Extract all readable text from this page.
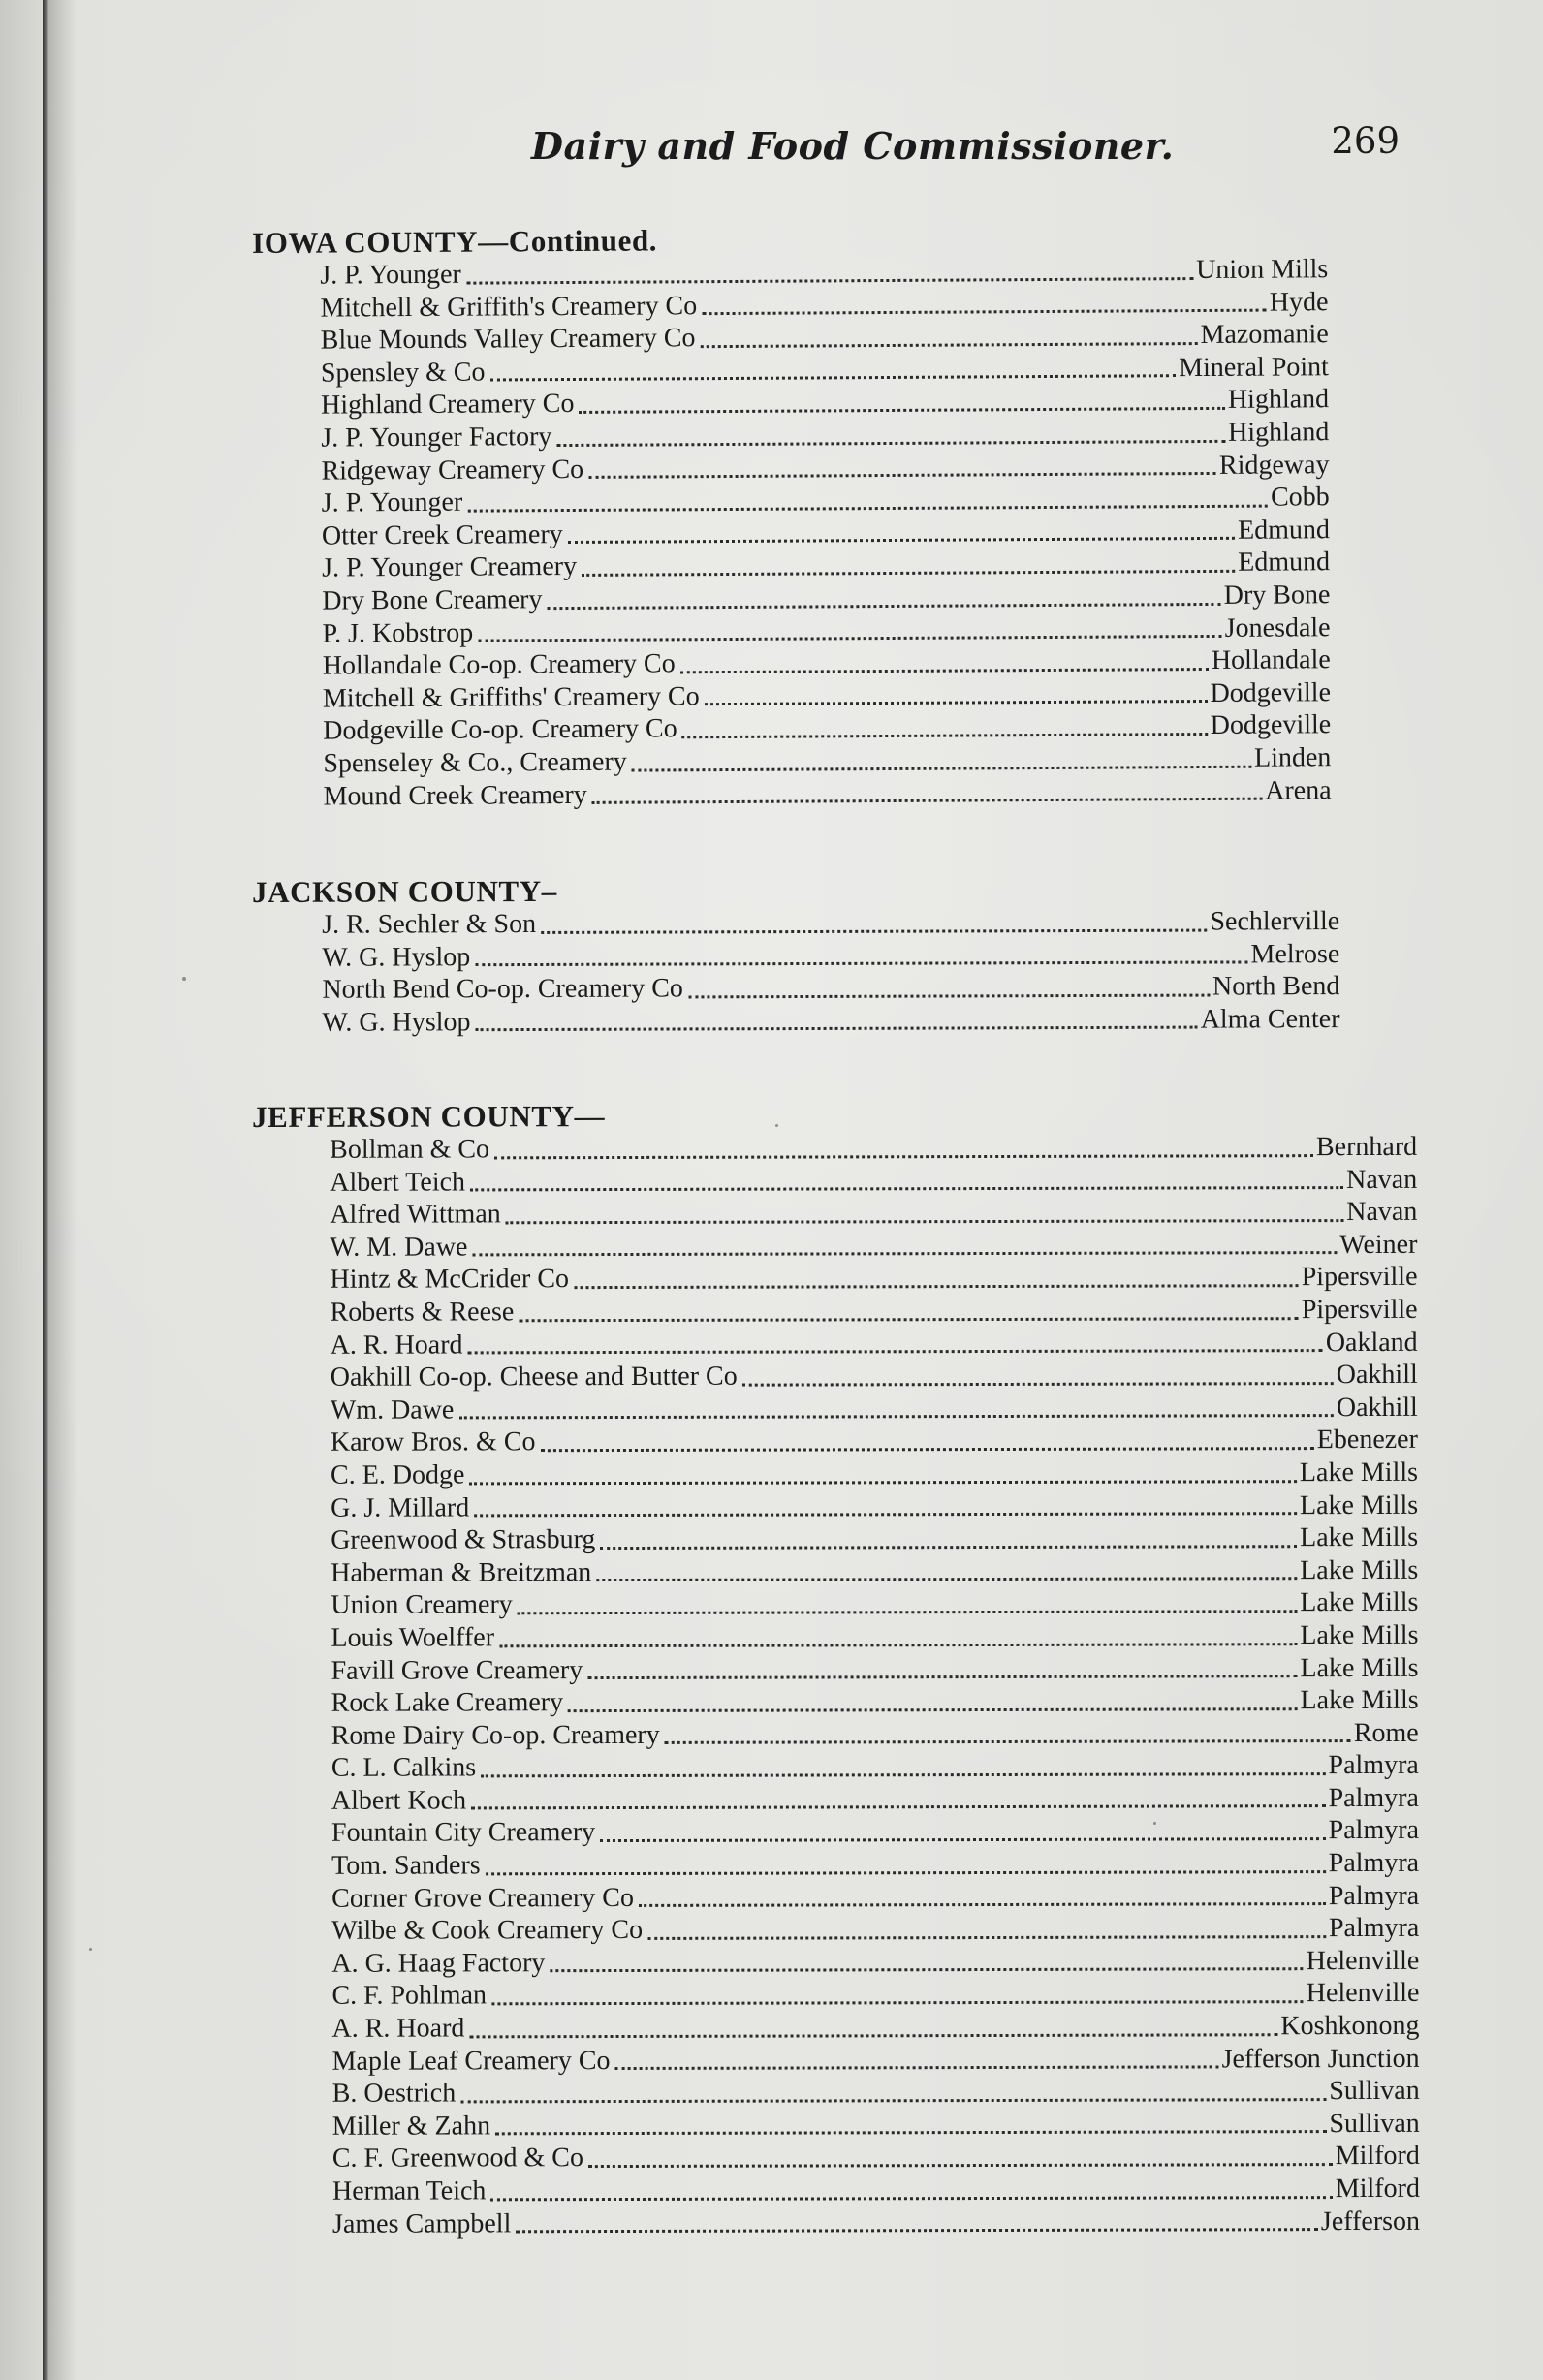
Dairy and Food Commissioner.	269
IOWA COUNTY—Continued.
J. P. Younger	Union Mills
Mitchell & Griffith's Creamery Co	Hyde
Blue Mounds Valley Creamery Co	Mazomanie
Spensley & Co	Mineral Point
Highland Creamery Co	Highland
J. P. Younger Factory	Highland
Ridgeway Creamery Co	Ridgeway
J. P. Younger	Cobb
Otter Creek Creamery	Edmund
J. P. Younger Creamery	Edmund
Dry Bone Creamery	Dry Bone
P. J. Kobstrop	Jonesdale
Hollandale Co-op. Creamery Co	Hollandale
Mitchell & Griffiths' Creamery Co	Dodgeville
Dodgeville Co-op. Creamery Co	Dodgeville
Spenseley & Co., Creamery	Linden
Mound Creek Creamery	Arena
JACKSON COUNTY–
J. R. Sechler & Son	Sechlerville
W. G. Hyslop	Melrose
North Bend Co-op. Creamery Co	North Bend
W. G. Hyslop	Alma Center
JEFFERSON COUNTY—
Bollman & Co	Bernhard
Albert Teich	Navan
Alfred Wittman	Navan
W. M. Dawe	Weiner
Hintz & McCrider Co	Pipersville
Roberts & Reese	Pipersville
A. R. Hoard	Oakland
Oakhill Co-op. Cheese and Butter Co	Oakhill
Wm. Dawe	Oakhill
Karow Bros. & Co	Ebenezer
C. E. Dodge	Lake Mills
G. J. Millard	Lake Mills
Greenwood & Strasburg	Lake Mills
Haberman & Breitzman	Lake Mills
Union Creamery	Lake Mills
Louis Woelffer	Lake Mills
Favill Grove Creamery	Lake Mills
Rock Lake Creamery	Lake Mills
Rome Dairy Co-op. Creamery	Rome
C. L. Calkins	Palmyra
Albert Koch	Palmyra
Fountain City Creamery	Palmyra
Tom. Sanders	Palmyra
Corner Grove Creamery Co	Palmyra
Wilbe & Cook Creamery Co	Palmyra
A. G. Haag Factory	Helenville
C. F. Pohlman	Helenville
A. R. Hoard	Koshkonong
Maple Leaf Creamery Co	Jefferson Junction
B. Oestrich	Sullivan
Miller & Zahn	Sullivan
C. F. Greenwood & Co	Milford
Herman Teich	Milford
James Campbell	Jefferson
